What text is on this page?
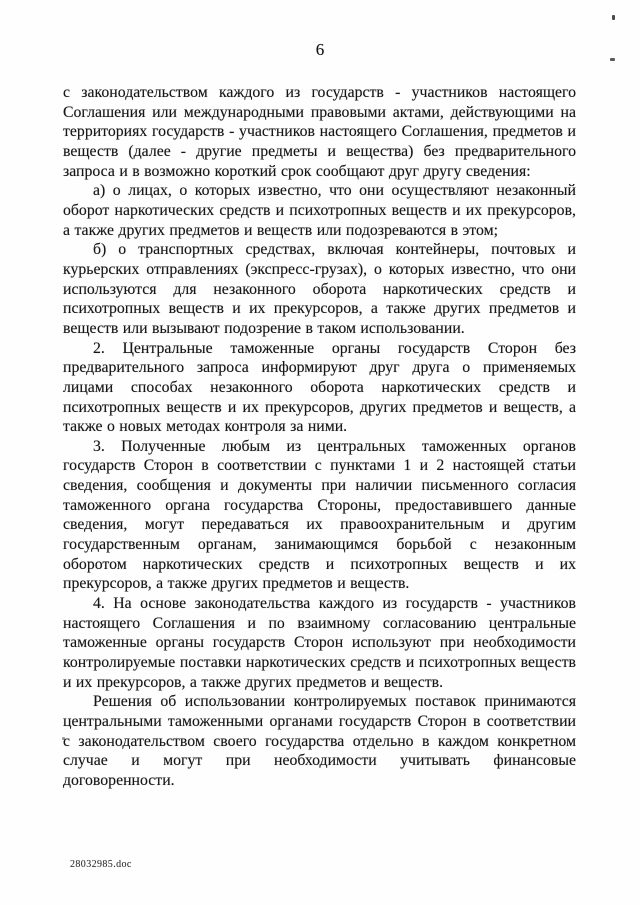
6

с законодательством каждого из государств - участников настоящего Соглашения или международными правовыми актами, действующими на территориях государств - участников настоящего Соглашения, предметов и веществ (далее - другие предметы и вещества) без предварительного запроса и в возможно короткий срок сообщают друг другу сведения:

а) о лицах, о которых известно, что они осуществляют незаконный оборот наркотических средств и психотропных веществ и их прекурсоров, а также других предметов и веществ или подозреваются в этом;

б) о транспортных средствах, включая контейнеры, почтовых и курьерских отправлениях (экспресс-грузах), о которых известно, что они используются для незаконного оборота наркотических средств и психотропных веществ и их прекурсоров, а также других предметов и веществ или вызывают подозрение в таком использовании.

2. Центральные таможенные органы государств Сторон без предварительного запроса информируют друг друга о применяемых лицами способах незаконного оборота наркотических средств и психотропных веществ и их прекурсоров, других предметов и веществ, а также о новых методах контроля за ними.

3. Полученные любым из центральных таможенных органов государств Сторон в соответствии с пунктами 1 и 2 настоящей статьи сведения, сообщения и документы при наличии письменного согласия таможенного органа государства Стороны, предоставившего данные сведения, могут передаваться их правоохранительным и другим государственным органам, занимающимся борьбой с незаконным оборотом наркотических средств и психотропных веществ и их прекурсоров, а также других предметов и веществ.

4. На основе законодательства каждого из государств - участников настоящего Соглашения и по взаимному согласованию центральные таможенные органы государств Сторон используют при необходимости контролируемые поставки наркотических средств и психотропных веществ и их прекурсоров, а также других предметов и веществ.

Решения об использовании контролируемых поставок принимаются центральными таможенными органами государств Сторон в соответствии с законодательством своего государства отдельно в каждом конкретном случае и могут при необходимости учитывать финансовые договоренности.

28032985.doc
